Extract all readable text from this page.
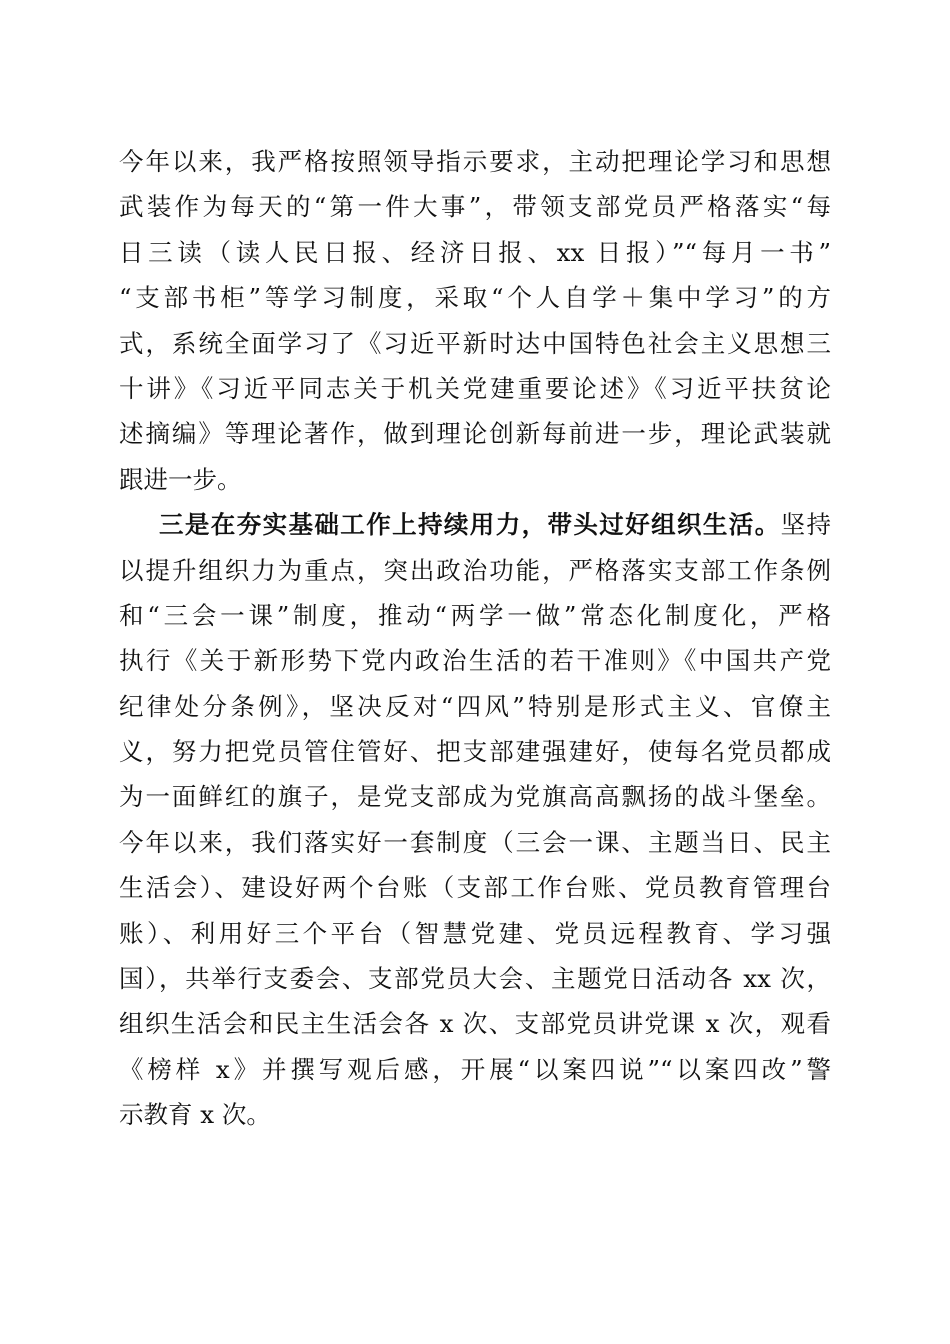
今年以来，我严格按照领导指示要求，主动把理论学习和思想
武装作为每天的“第一件大事”，带领支部党员严格落实“每
日三读（读人民日报、经济日报、xx 日报）”“每月一书”
“支部书柜”等学习制度，采取“个人自学＋集中学习”的方
式，系统全面学习了《习近平新时达中国特色社会主义思想三
十讲》《习近平同志关于机关党建重要论述》《习近平扶贫论
述摘编》等理论著作，做到理论创新每前进一步，理论武装就
跟进一步。
三是在夯实基础工作上持续用力，带头过好组织生活。坚持
以提升组织力为重点，突出政治功能，严格落实支部工作条例
和“三会一课”制度，推动“两学一做”常态化制度化，严格
执行《关于新形势下党内政治生活的若干准则》《中国共产党
纪律处分条例》，坚决反对“四风”特别是形式主义、官僚主
义，努力把党员管住管好、把支部建强建好，使每名党员都成
为一面鲜红的旗子，是党支部成为党旗高高飘扬的战斗堡垒。
今年以来，我们落实好一套制度（三会一课、主题当日、民主
生活会）、建设好两个台账（支部工作台账、党员教育管理台
账）、利用好三个平台（智慧党建、党员远程教育、学习强
国），共举行支委会、支部党员大会、主题党日活动各 xx 次，
组织生活会和民主生活会各 x 次、支部党员讲党课 x 次，观看
《榜样 x》并撰写观后感，开展“以案四说”“以案四改”警
示教育 x 次。
